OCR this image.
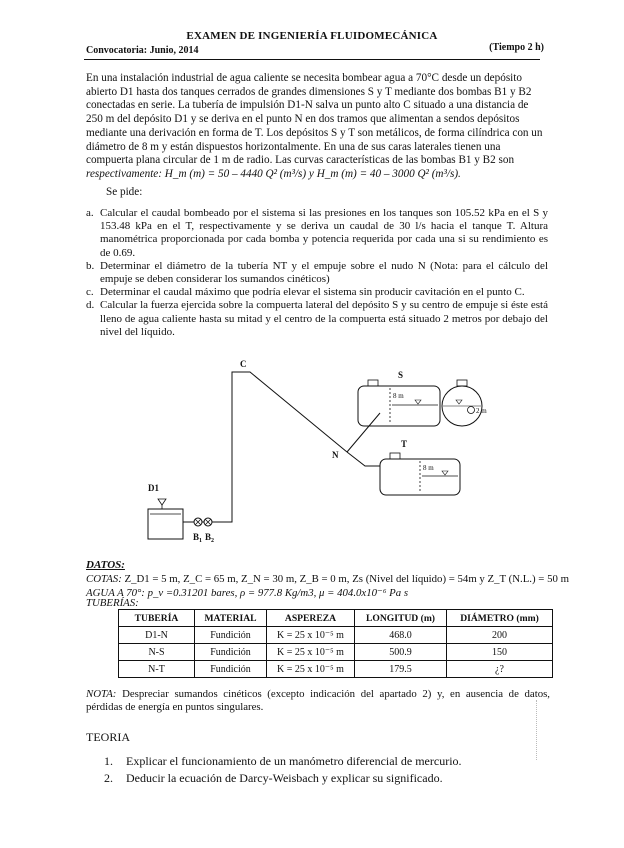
EXAMEN DE INGENIERÍA FLUIDOMECÁNICA
Convocatoria: Junio, 2014	(Tiempo 2 h)
En una instalación industrial de agua caliente se necesita bombear agua a 70°C desde un depósito
abierto D1 hasta dos tanques cerrados de grandes dimensiones S y T mediante dos bombas B1 y B2
conectadas en serie. La tubería de impulsión D1-N salva un punto alto C situado a una distancia de
250 m del depósito D1 y se deriva en el punto N en dos tramos que alimentan a sendos depósitos
mediante una derivación en forma de T. Los depósitos S y T son metálicos, de forma cilíndrica con un
diámetro de 8 m y están dispuestos horizontalmente. En una de sus caras laterales tienen una
compuerta plana circular de 1 m de radio. Las curvas características de las bombas B1 y B2 son
respectivamente: H_m (m) = 50 – 4440 Q² (m³/s) y H_m (m) = 40 – 3000 Q² (m³/s).
Se pide:
a. Calcular el caudal bombeado por el sistema si las presiones en los tanques son 105.52 kPa en el S y 153.48 kPa en el T, respectivamente y se deriva un caudal de 30 l/s hacia el tanque T. Altura manométrica proporcionada por cada bomba y potencia requerida por cada una si su rendimiento es de 0.69.
b. Determinar el diámetro de la tubería NT y el empuje sobre el nudo N (Nota: para el cálculo del empuje se deben considerar los sumandos cinéticos)
c. Determinar el caudal máximo que podría elevar el sistema sin producir cavitación en el punto C.
d. Calcular la fuerza ejercida sobre la compuerta lateral del depósito S y su centro de empuje si éste está lleno de agua caliente hasta su mitad y el centro de la compuerta está situado 2 metros por debajo del nivel del líquido.
C
S
T
N
D1
$B_1$ $B_2$
8 m
8 m
2 m
DATOS:
COTAS: Z_D1 = 5 m, Z_C = 65 m, Z_N = 30 m, Z_B = 0 m, Zs (Nivel del líquido) = 54m y Z_T (N.L.) = 50 m
AGUA A 70°: p_v =0.31201 bares, ρ = 977.8 Kg/m3, μ = 404.0x10⁻⁶ Pa s
TUBERÍAS:
TUBERÍA	MATERIAL	ASPEREZA	LONGITUD (m)	DIÁMETRO (mm)
D1-N	Fundición	K = 25 x 10⁻⁵ m	468.0	200
N-S	Fundición	K = 25 x 10⁻⁵ m	500.9	150
N-T	Fundición	K = 25 x 10⁻⁵ m	179.5	¿?
NOTA: Despreciar sumandos cinéticos (excepto indicación del apartado 2) y, en ausencia de datos, pérdidas de energía en puntos singulares.
TEORIA
1. Explicar el funcionamiento de un manómetro diferencial de mercurio.
2. Deducir la ecuación de Darcy-Weisbach y explicar su significado.
